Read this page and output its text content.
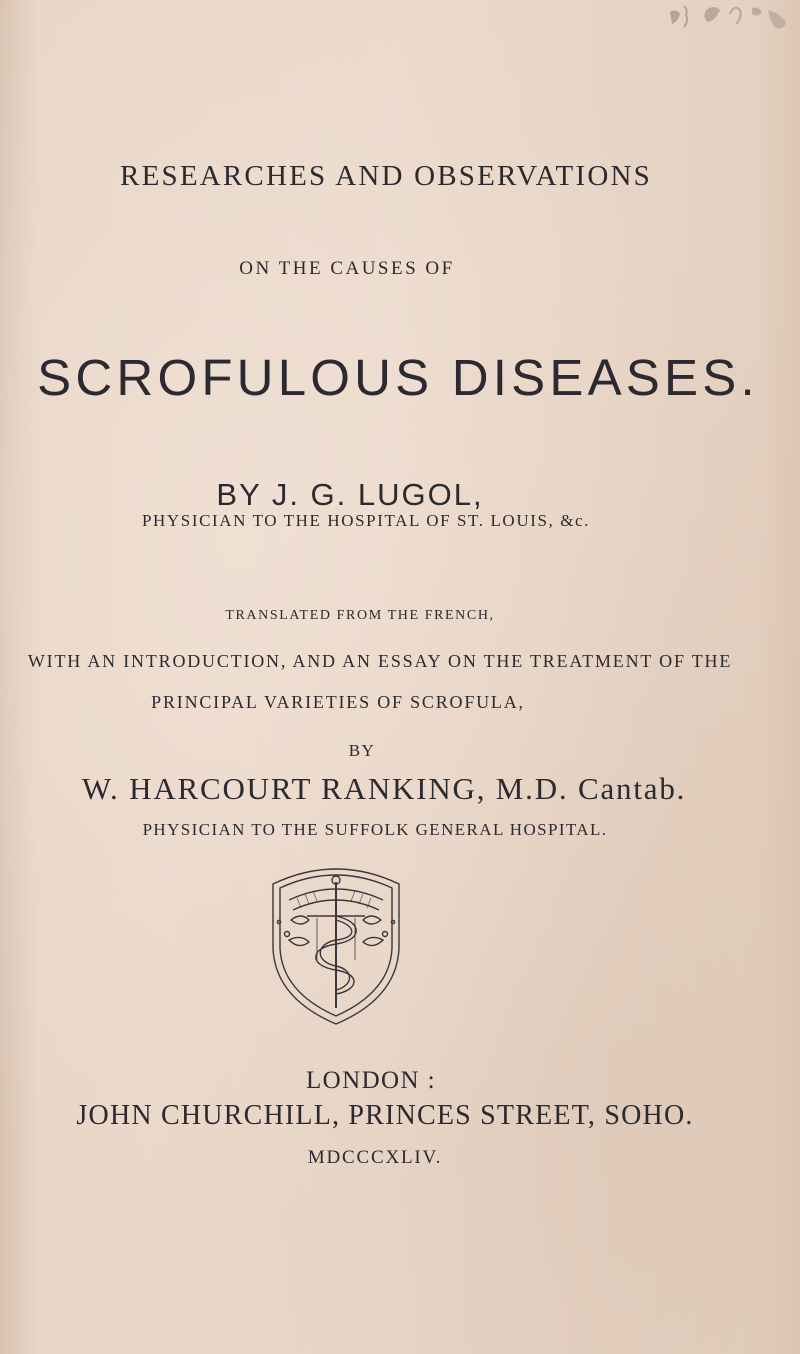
RESEARCHES AND OBSERVATIONS

ON THE CAUSES OF

SCROFULOUS DISEASES.

BY J. G. LUGOL,

PHYSICIAN TO THE HOSPITAL OF ST. LOUIS, &c.

TRANSLATED FROM THE FRENCH,

WITH AN INTRODUCTION, AND AN ESSAY ON THE TREATMENT OF THE

PRINCIPAL VARIETIES OF SCROFULA,

BY

W. HARCOURT RANKING, M.D. Cantab.

PHYSICIAN TO THE SUFFOLK GENERAL HOSPITAL.

LONDON :

JOHN CHURCHILL, PRINCES STREET, SOHO.

MDCCCXLIV.
